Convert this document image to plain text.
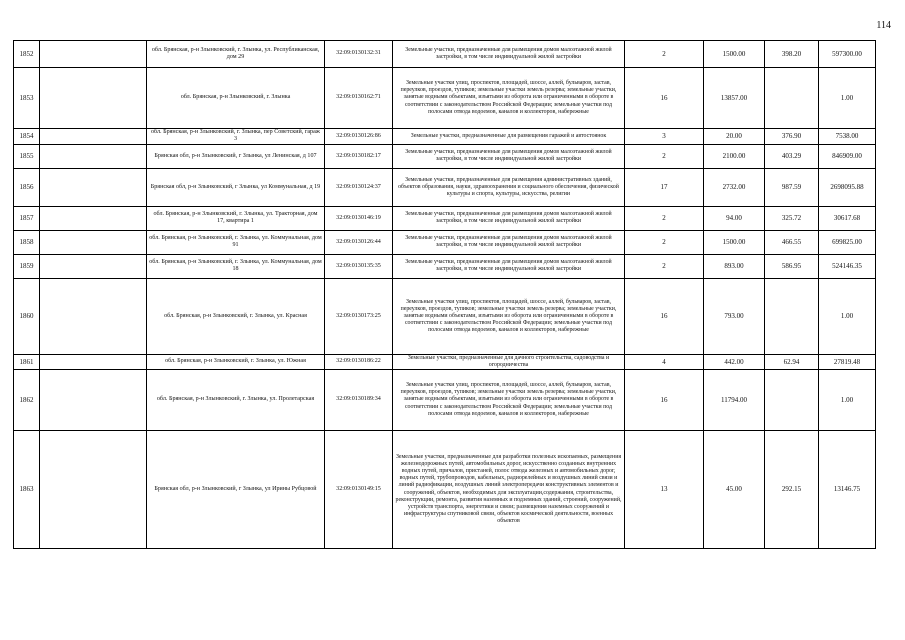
114
1852		обл. Брянская, р-н Злынковский, г. Злынка, ул. Республиканская, дом 29	32:09:0130132:31	Земельные участки, предназначенные для размещения домов малоэтажной жилой застройки, в том числе индивидуальной жилой застройки	2	1500.00	398.20	597300.00
1853		обл. Брянская, р-н Злынковский, г. Злынка	32:09:0130162:71	Земельные участки улиц, проспектов, площадей, шоссе, аллей, бульваров, застав, переулков, проездов, тупиков; земельные участки земель резерва; земельные участки, занятые водными объектами, изъятыми из оборота или ограниченными в обороте в соответствии с законодательством Российской Федерации; земельные участки под полосами отвода водоемов, каналов и коллекторов, набережные	16	13857.00		1.00
1854		обл. Брянская, р-н Злынковский, г. Злынка, пер Советский, гараж 3	32:09:0130126:86	Земельные участки, предназначенные для размещения гаражей и автостоянок	3	20.00	376.90	7538.00
1855		Брянская обл, р-н Злынковский, г Злынка, ул Ленинская, д 107	32:09:0130182:17	Земельные участки, предназначенные для размещения домов малоэтажной жилой застройки, в том числе индивидуальной жилой застройки	2	2100.00	403.29	846909.00
1856		Брянская обл, р-н Злынковский, г Злынка, ул Коммунальная, д 19	32:09:0130124:37	Земельные участки, предназначенные для размещения административных зданий, объектов образования, науки, здравоохранения и социального обеспечения, физической культуры и спорта, культуры, искусства, религии	17	2732.00	987.59	2698095.88
1857		обл. Брянская, р-н Злынковский, г. Злынка, ул. Тракторная, дом 17, квартира 1	32:09:0130146:19	Земельные участки, предназначенные для размещения домов малоэтажной жилой застройки, в том числе индивидуальной жилой застройки	2	94.00	325.72	30617.68
1858		обл. Брянская, р-н Злынковский, г. Злынка, ул. Коммунальная, дом 91	32:09:0130126:44	Земельные участки, предназначенные для размещения домов малоэтажной жилой застройки, в том числе индивидуальной жилой застройки	2	1500.00	466.55	699825.00
1859		обл. Брянская, р-н Злынковский, г. Злынка, ул. Коммунальная, дом 18	32:09:0130135:35	Земельные участки, предназначенные для размещения домов малоэтажной жилой застройки, в том числе индивидуальной жилой застройки	2	893.00	586.95	524146.35
1860		обл. Брянская, р-н Злынковский, г. Злынка, ул. Красная	32:09:0130173:25	Земельные участки улиц, проспектов, площадей, шоссе, аллей, бульваров, застав, переулков, проездов, тупиков; земельные участки земель резерва; земельные участки, занятые водными объектами, изъятыми из оборота или ограниченными в обороте в соответствии с законодательством Российской Федерации; земельные участки под полосами отвода водоемов, каналов и коллекторов, набережные	16	793.00		1.00
1861		обл. Брянская, р-н Злынковский, г. Злынка, ул. Южная	32:09:0130186:22	Земельные участки, предназначенные для дачного строительства, садоводства и огородничества	4	442.00	62.94	27819.48
1862		обл. Брянская, р-н Злынковский, г. Злынка, ул. Пролетарская	32:09:0130189:34	Земельные участки улиц, проспектов, площадей, шоссе, аллей, бульваров, застав, переулков, проездов, тупиков; земельные участки земель резерва; земельные участки, занятые водными объектами, изъятыми из оборота или ограниченными в обороте в соответствии с законодательством Российской Федерации; земельные участки под полосами отвода водоемов, каналов и коллекторов, набережные	16	11794.00		1.00
1863		Брянская обл, р-н Злынковский, г Злынка, ул Ирины Рубцовой	32:09:0130149:15	Земельные участки, предназначенные для разработки полезных ископаемых, размещения железнодорожных путей, автомобильных дорог, искусственно созданных внутренних водных путей, причалов, пристаней, полос отвода железных и автомобильных дорог, водных путей, трубопроводов, кабельных, радиорелейных и воздушных линий связи и линий радиофикации, воздушных линий электропередачи конструктивных элементов и сооружений, объектов, необходимых для эксплуатации,содержания, строительства, реконструкции, ремонта, развития наземных и подземных зданий, строений, сооружений, устройств транспорта, энергетики и связи; размещения наземных сооружений и инфраструктуры спутниковой связи, объектов космической деятельности, военных объектов	13	45.00	292.15	13146.75
